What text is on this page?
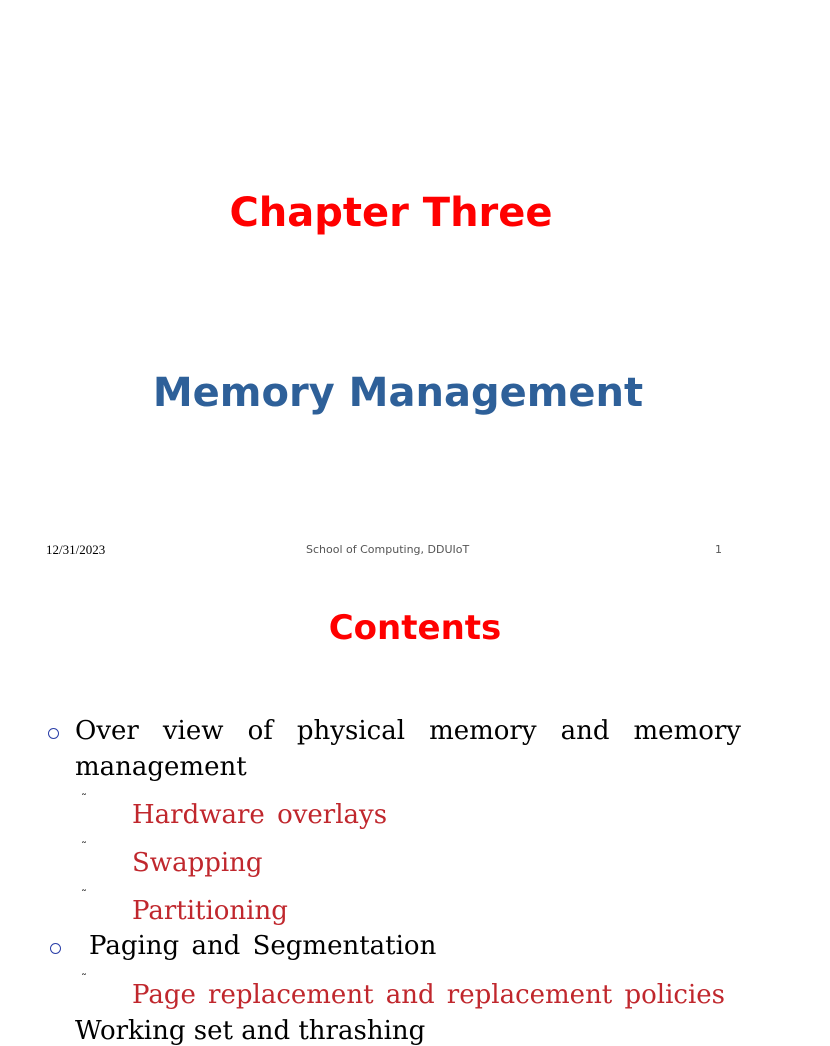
Chapter Three
Memory Management
12/31/2023	School of Computing, DDUIoT	1
Contents
Over view of physical memory and memory
management
˜
Hardware overlays
˜
Swapping
˜
Partitioning
Paging and Segmentation
˜
Page replacement and replacement policies
Working set and thrashing
